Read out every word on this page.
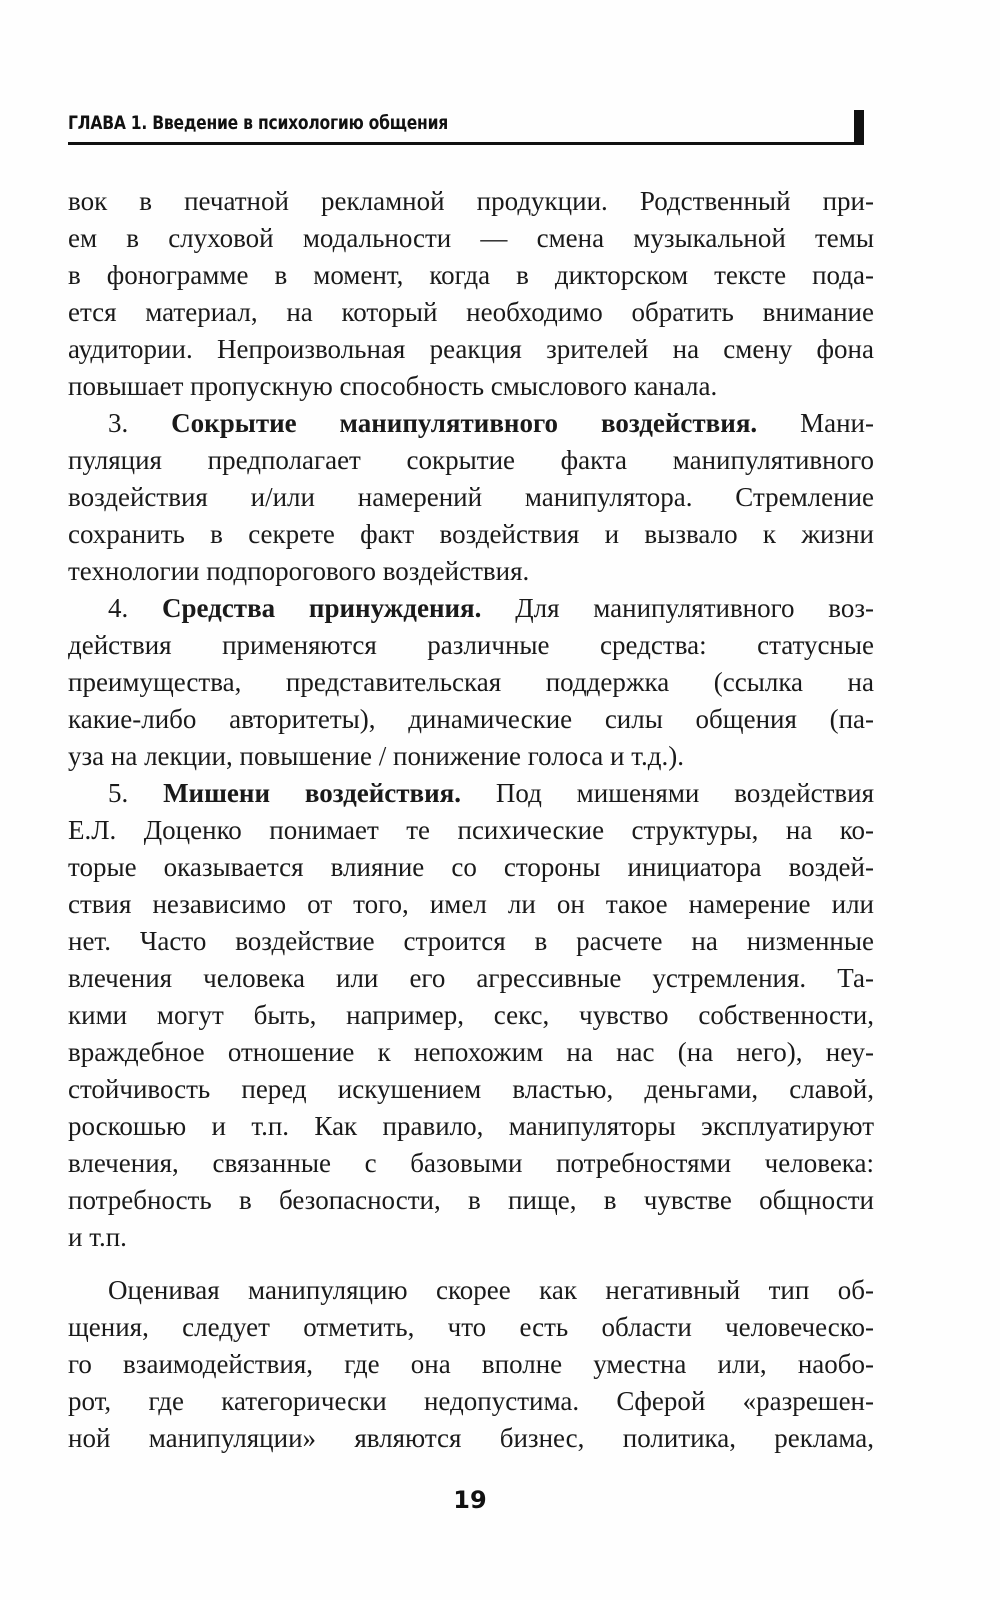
ГЛАВА 1. Введение в психологию общения
вок в печатной рекламной продукции. Родственный при-
ем в слуховой модальности — смена музыкальной темы
в фонограмме в момент, когда в дикторском тексте пода-
ется материал, на который необходимо обратить внимание
аудитории. Непроизвольная реакция зрителей на смену фона
повышает пропускную способность смыслового канала.
3. Сокрытие манипулятивного воздействия. Мани-
пуляция предполагает сокрытие факта манипулятивного
воздействия и/или намерений манипулятора. Стремление
сохранить в секрете факт воздействия и вызвало к жизни
технологии подпорогового воздействия.
4. Средства принуждения. Для манипулятивного воз-
действия применяются различные средства: статусные
преимущества, представительская поддержка (ссылка на
какие-либо авторитеты), динамические силы общения (па-
уза на лекции, повышение / понижение голоса и т.д.).
5. Мишени воздействия. Под мишенями воздействия
Е.Л. Доценко понимает те психические структуры, на ко-
торые оказывается влияние со стороны инициатора воздей-
ствия независимо от того, имел ли он такое намерение или
нет. Часто воздействие строится в расчете на низменные
влечения человека или его агрессивные устремления. Та-
кими могут быть, например, секс, чувство собственности,
враждебное отношение к непохожим на нас (на него), неу-
стойчивость перед искушением властью, деньгами, славой,
роскошью и т.п. Как правило, манипуляторы эксплуатируют
влечения, связанные с базовыми потребностями человека:
потребность в безопасности, в пище, в чувстве общности
и т.п.
Оценивая манипуляцию скорее как негативный тип об-
щения, следует отметить, что есть области человеческо-
го взаимодействия, где она вполне уместна или, наобо-
рот, где категорически недопустима. Сферой «разрешен-
ной манипуляции» являются бизнес, политика, реклама,
19
